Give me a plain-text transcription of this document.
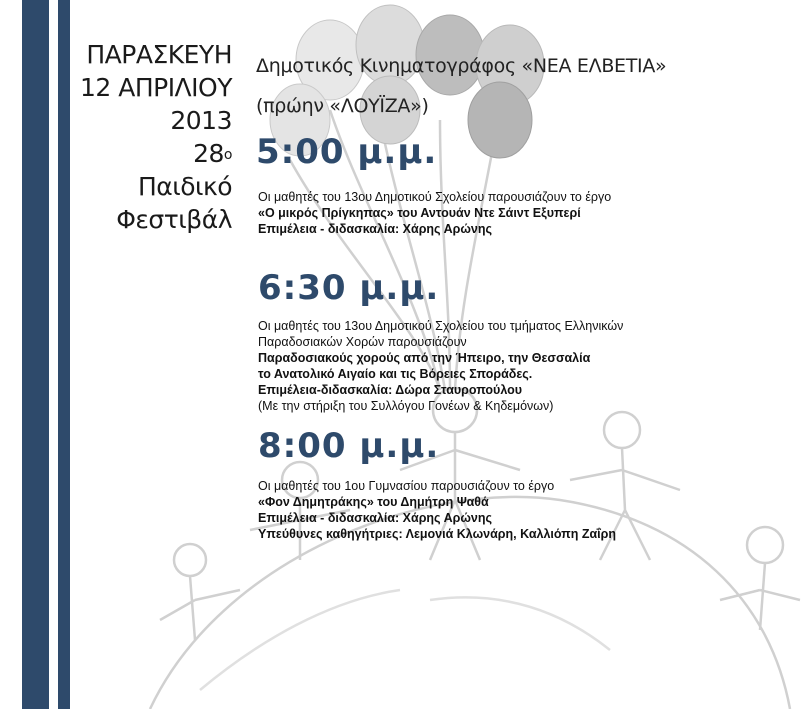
ΠΑΡΑΣΚΕΥΗ
12 ΑΠΡΙΛΙΟΥ
2013
$28^o$
Παιδικό
Φεστιβάλ
Δημοτικός Κινηματογράφος «ΝΕΑ ΕΛΒΕΤΙΑ»
(πρώην «ΛΟΥΪΖΑ»)
5:00 μ.μ.
Οι μαθητές του 13ου Δημοτικού Σχολείου παρουσιάζουν το έργο
«Ο μικρός Πρίγκηπας» του Αντουάν Ντε Σάιντ Εξυπερί
Επιμέλεια - διδασκαλία: Χάρης Αρώνης
6:30 μ.μ.
Οι μαθητές του 13ου Δημοτικού Σχολείου του τμήματος Ελληνικών
Παραδοσιακών Χορών παρουσιάζουν
Παραδοσιακούς χορούς από την Ήπειρο, την Θεσσαλία
το Ανατολικό Αιγαίο και τις Βόρειες Σποράδες.
Επιμέλεια-διδασκαλία: Δώρα Σταυροπούλου
(Με την στήριξη του Συλλόγου Γονέων & Κηδεμόνων)
8:00 μ.μ.
Οι μαθητές του 1ου Γυμνασίου παρουσιάζουν το έργο
«Φον Δημητράκης» του Δημήτρη Ψαθά
Επιμέλεια - διδασκαλία: Χάρης Αρώνης
Υπεύθυνες καθηγήτριες: Λεμονιά Κλωνάρη, Καλλιόπη Ζαΐρη
